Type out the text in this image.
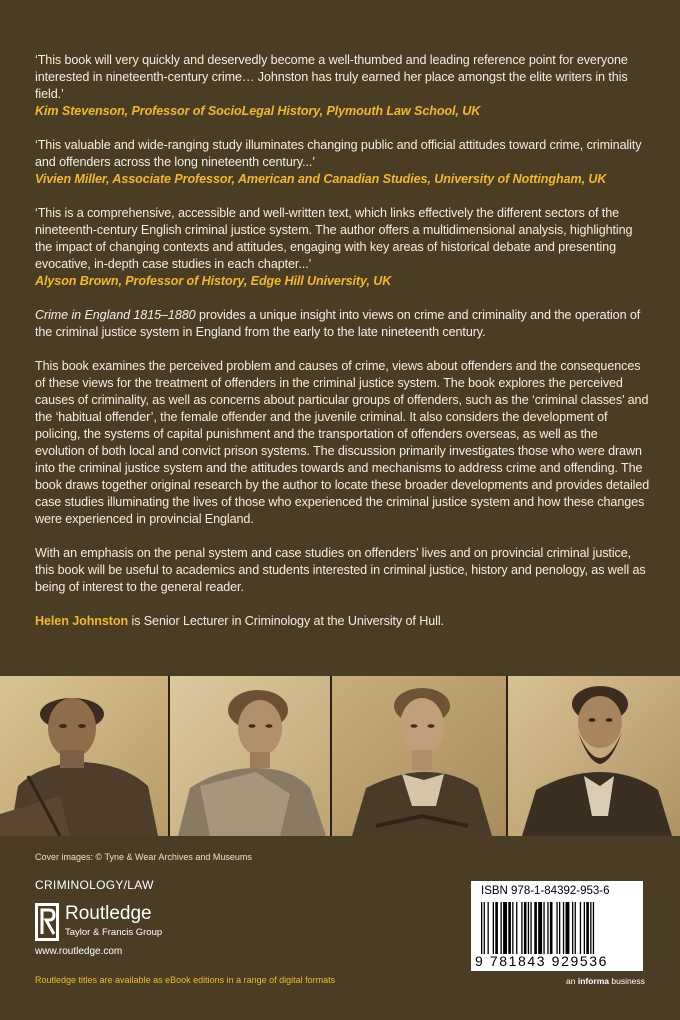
‘This book will very quickly and deservedly become a well-thumbed and leading reference point for everyone interested in nineteenth-century crime… Johnston has truly earned her place amongst the elite writers in this field.’
Kim Stevenson, Professor of SocioLegal History, Plymouth Law School, UK

‘This valuable and wide-ranging study illuminates changing public and official attitudes toward crime, criminality and offenders across the long nineteenth century...’
Vivien Miller, Associate Professor, American and Canadian Studies, University of Nottingham, UK

‘This is a comprehensive, accessible and well-written text, which links effectively the different sectors of the nineteenth-century English criminal justice system. The author offers a multidimensional analysis, highlighting the impact of changing contexts and attitudes, engaging with key areas of historical debate and presenting evocative, in-depth case studies in each chapter...’
Alyson Brown, Professor of History, Edge Hill University, UK

Crime in England 1815–1880 provides a unique insight into views on crime and criminality and the operation of the criminal justice system in England from the early to the late nineteenth century.

This book examines the perceived problem and causes of crime, views about offenders and the consequences of these views for the treatment of offenders in the criminal justice system. The book explores the perceived causes of criminality, as well as concerns about particular groups of offenders, such as the ‘criminal classes’ and the ‘habitual offender’, the female offender and the juvenile criminal. It also considers the development of policing, the systems of capital punishment and the transportation of offenders overseas, as well as the evolution of both local and convict prison systems. The discussion primarily investigates those who were drawn into the criminal justice system and the attitudes towards and mechanisms to address crime and offending. The book draws together original research by the author to locate these broader developments and provides detailed case studies illuminating the lives of those who experienced the criminal justice system and how these changes were experienced in provincial England.

With an emphasis on the penal system and case studies on offenders’ lives and on provincial criminal justice, this book will be useful to academics and students interested in criminal justice, history and penology, as well as being of interest to the general reader.

Helen Johnston is Senior Lecturer in Criminology at the University of Hull.

Cover images: © Tyne & Wear Archives and Museums
CRIMINOLOGY/LAW
Routledge
Taylor & Francis Group
www.routledge.com
Routledge titles are available as eBook editions in a range of digital formats
ISBN 978-1-84392-953-6
9 781843 929536
an informa business
